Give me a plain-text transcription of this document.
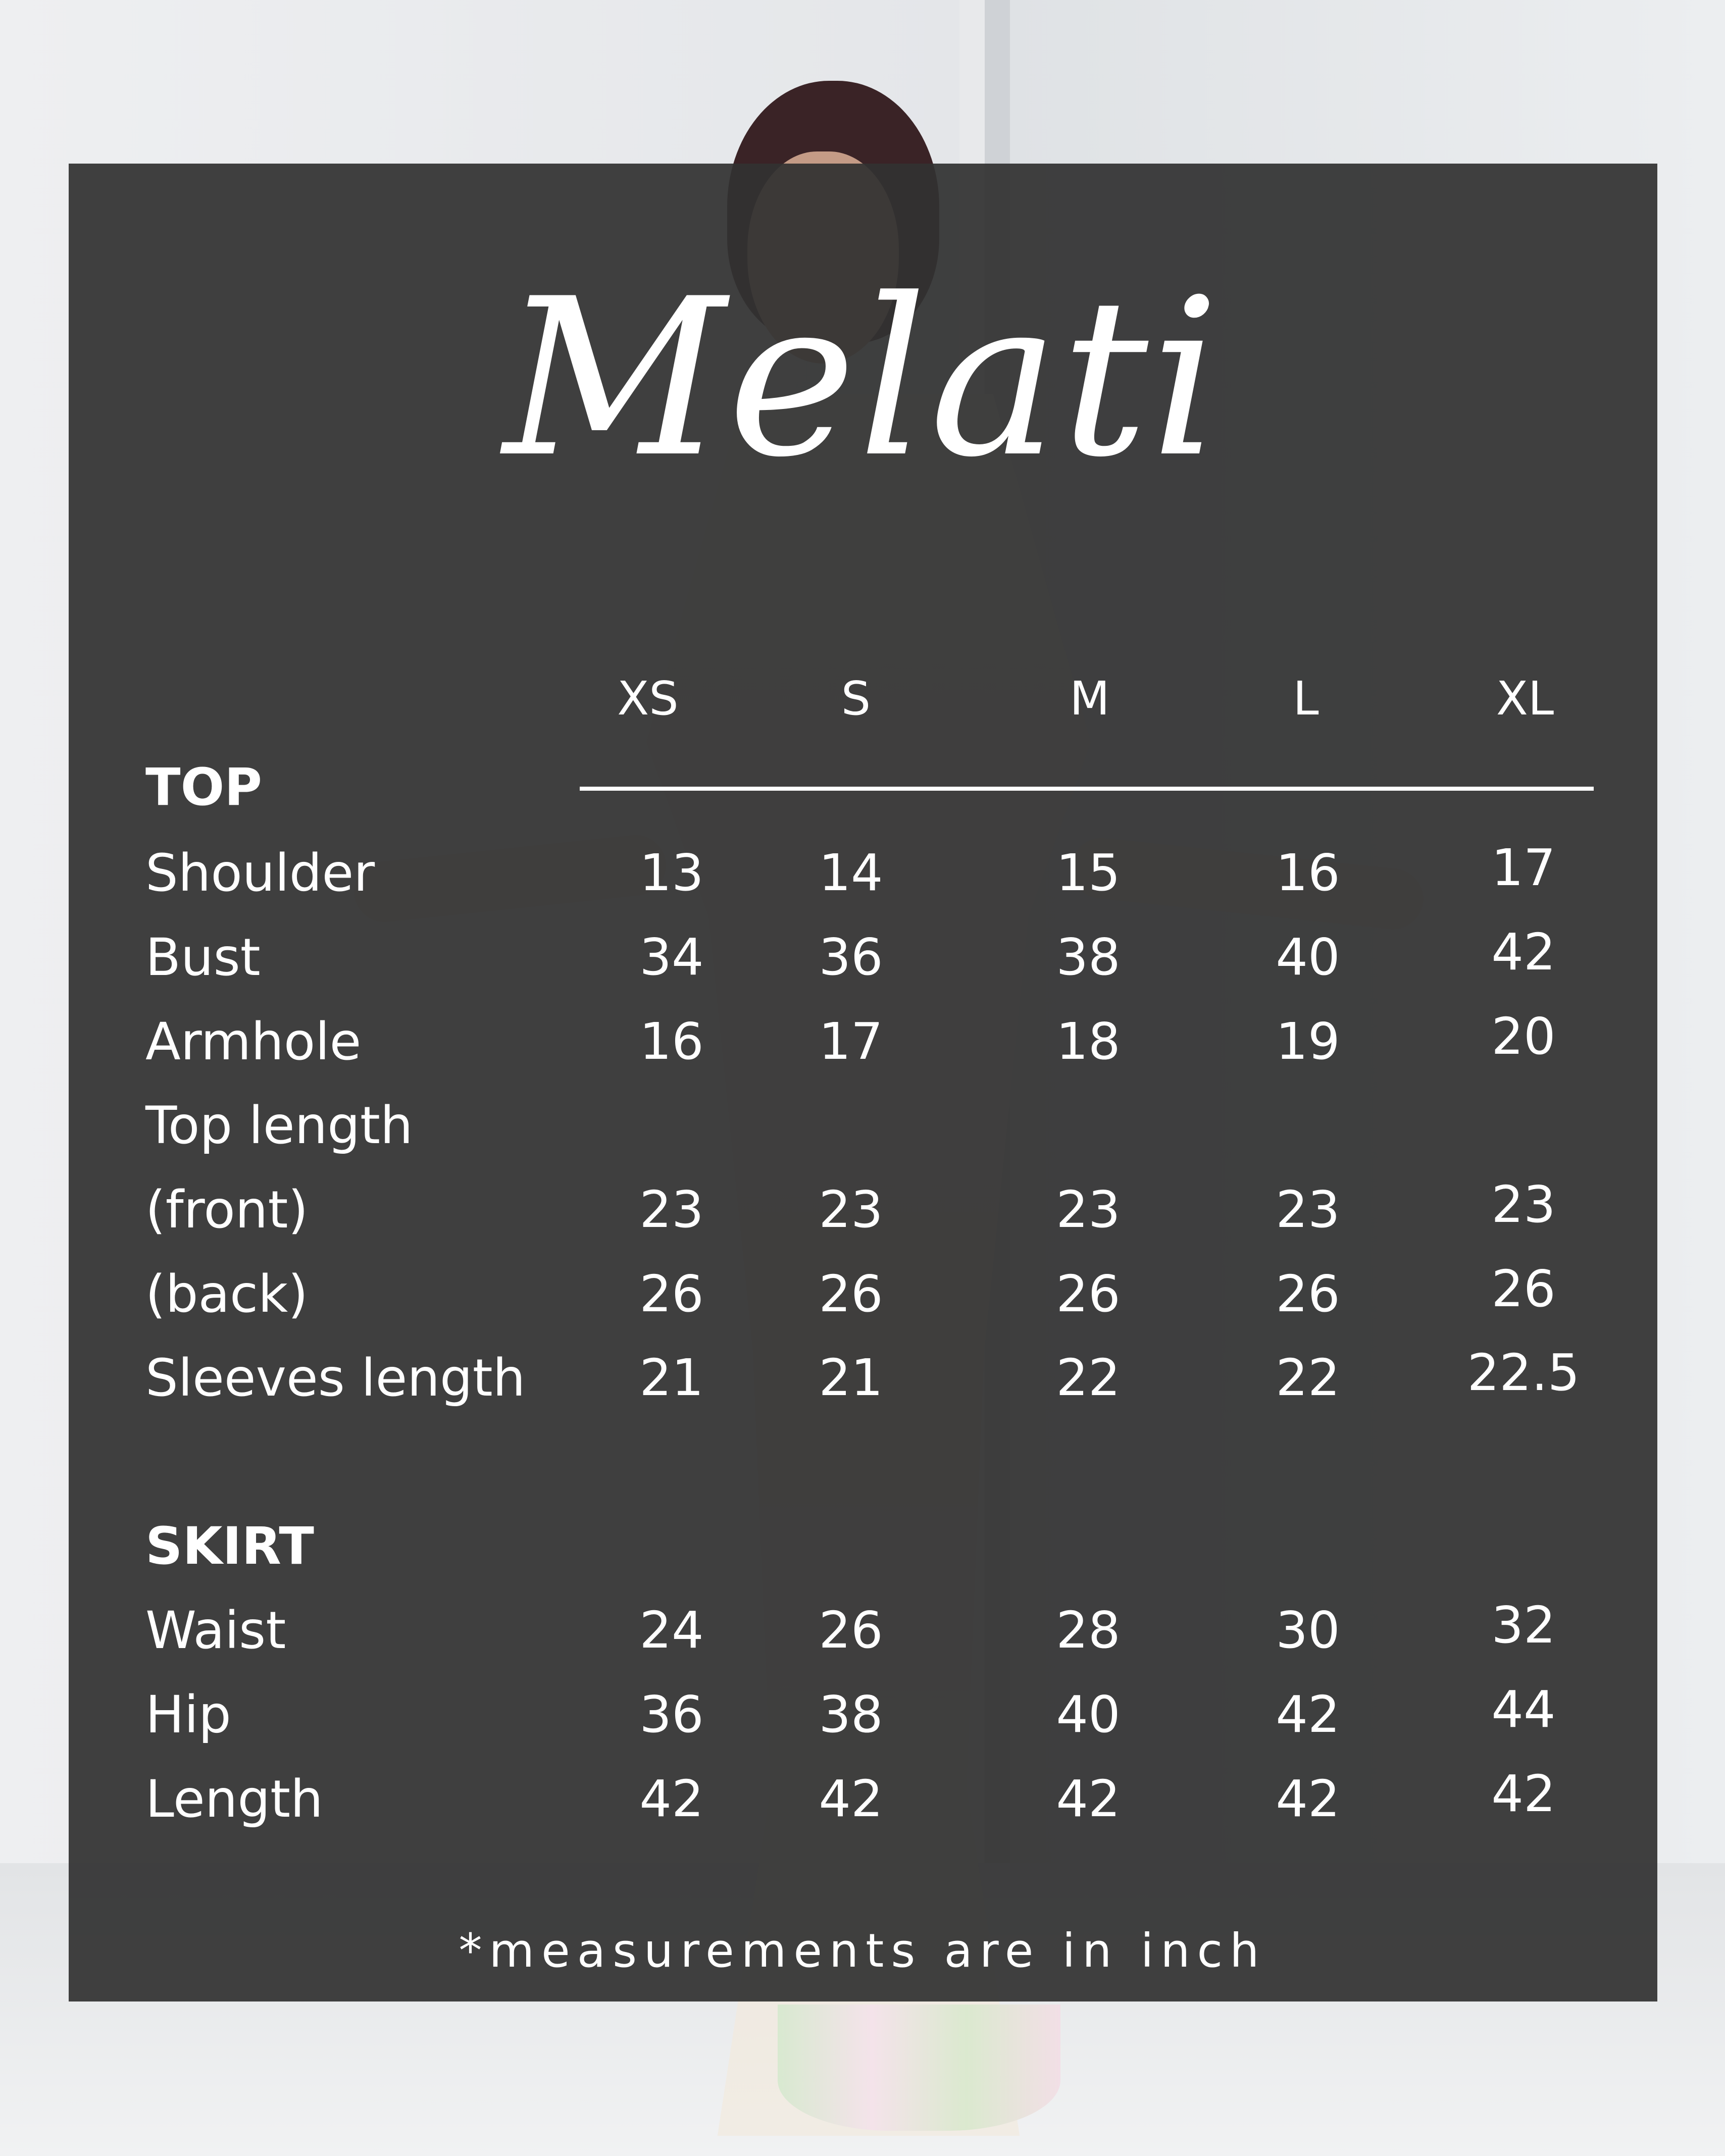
Melati
XS	S	M	L	XL
TOP
Shoulder	13	14	15	16	17
Bust	34	36	38	40	42
Armhole	16	17	18	19	20
Top length
(front)	23	23	23	23	23
(back)	26	26	26	26	26
Sleeves length	21	21	22	22	22.5
SKIRT
Waist	24	26	28	30	32
Hip	36	38	40	42	44
Length	42	42	42	42	42
*measurements are in inch
